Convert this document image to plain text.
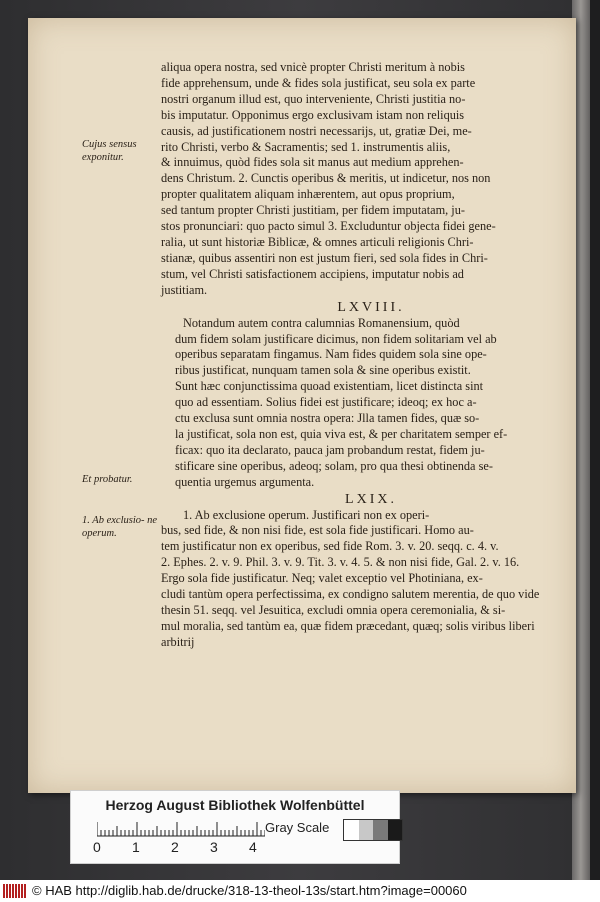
Cujus sensus exponitur.
Et probatur.
1. Ab exclusio- ne operum.

aliqua opera nostra, sed vnicè propter Christi meritum à nobis

fide apprehensum, unde & fides sola justificat, seu sola ex parte

nostri organum illud est, quo interveniente, Christi justitia no-

bis imputatur. Opponimus ergo exclusivam istam non reliquis

causis, ad justificationem nostri necessarijs, ut, gratiæ Dei, me-

rito Christi, verbo & Sacramentis; sed 1. instrumentis aliis,

& innuimus, quòd fides sola sit manus aut medium apprehen-

dens Christum. 2. Cunctis operibus & meritis, ut indicetur, nos non

propter qualitatem aliquam inhærentem, aut opus proprium,

sed tantum propter Christi justitiam, per fidem imputatam, ju-

stos pronunciari: quo pacto simul 3. Excluduntur objecta fidei gene-

ralia, ut sunt historiæ Biblicæ, & omnes articuli religionis Chri-

stianæ, quibus assentiri non est justum fieri, sed sola fides in Chri-

stum, vel Christi satisfactionem accipiens, imputatur nobis ad

justitiam.

LXVIII.

Notandum autem contra calumnias Romanensium, quòd

dum fidem solam justificare dicimus, non fidem solitariam vel ab

operibus separatam fingamus. Nam fides quidem sola sine ope-

ribus justificat, nunquam tamen sola & sine operibus existit.

Sunt hæc conjunctissima quoad existentiam, licet distincta sint

quo ad essentiam. Solius fidei est justificare; ideoq; ex hoc a-

ctu exclusa sunt omnia nostra opera: Jlla tamen fides, quæ so-

la justificat, sola non est, quia viva est, & per charitatem semper ef-

ficax: quo ita declarato, pauca jam probandum restat, fidem ju-

stificare sine operibus, adeoq; solam, pro qua thesi obtinenda se-

quentia urgemus argumenta.

LXIX.

1. Ab exclusione operum. Justificari non ex operi-

bus, sed fide, & non nisi fide, est sola fide justificari. Homo au-

tem justificatur non ex operibus, sed fide Rom. 3. v. 20. seqq. c. 4. v.

2. Ephes. 2. v. 9. Phil. 3. v. 9. Tit. 3. v. 4. 5. & non nisi fide, Gal. 2. v. 16.

Ergo sola fide justificatur. Neq; valet exceptio vel Photiniana, ex-

cludi tantùm opera perfectissima, ex condigno salutem merentia, de quo vide

thesin 51. seqq. vel Jesuitica, excludi omnia opera ceremonialia, & si-

mul moralia, sed tantùm ea, quæ fidem præcedant, quæq; solis viribus liberi

arbitrij

Herzog August Bibliothek Wolfenbüttel
0 1 2 3 4
Gray Scale
© HAB http://diglib.hab.de/drucke/318-13-theol-13s/start.htm?image=00060
